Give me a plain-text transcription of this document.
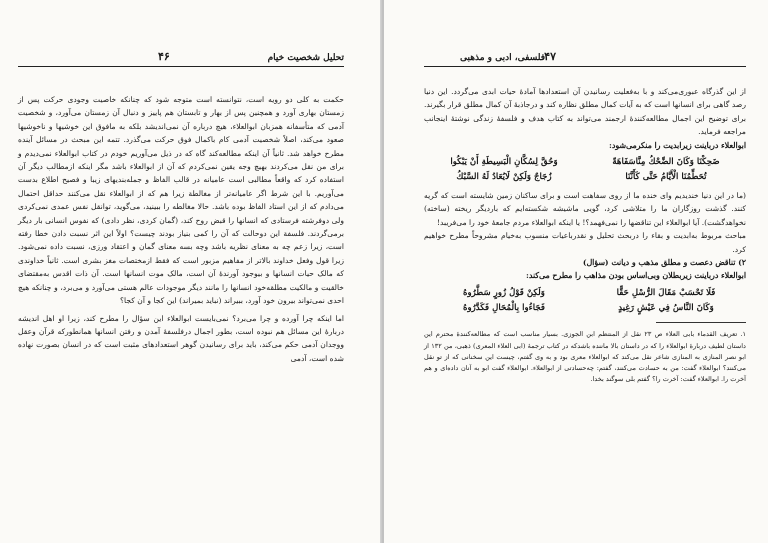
۴۶	تحلیل شخصیت خیام

حکمت به کلی دو رویه است، نتوانسته است متوجه شود که چنانکه خاصیت وجودی حرکت پس از زمستان بهاری آورد و همچنین پس از بهار و تابستان هم پاییز و دنبال آن زمستان می‌آورد، و شخصیت آدمی که متأسفانه همزبان ابوالعلاء، هیچ درباره آن نمی‌اندیشد بلکه به مافوق این خوشیها و ناخوشیها صعود می‌کند، اصلاً شخصیت آدمی کام باکمال فوق حرکت می‌گذرد. تتمه این مبحث در مسائل آینده مطرح خواهد شد. ثانیاً آن اینکه مطالعه‌کند گاه که در ذیل می‌آوریم خودم در کتاب ابوالعلاء نمی‌دیدم و برای من نقل می‌کردند بهیچ وجه یقین نمی‌کردم که آن از ابوالعلاء باشد مگر اینکه ازمطالب دیگر آن استفاده کرد که واقعاً مطالبی است عامیانه در قالب الفاظ و جمله‌بندیهای زیبا و فصیح اطلاع بدست می‌آوریم. با این شرط اگر عامیانه‌تر از مغالطة زیرا هم که از ابوالعلاء نقل می‌کنند حداقل احتمال می‌دادم که از این استاد الفاظ بوده باشد. حالا مغالطه را ببینید، می‌گوید، توانقل نفس عمدی نمی‌کردی ولی دوفرشته فرستادی که انسانها را قبض روح کند، (گمان کردی، نظر دادی) که نفوس انسانی بار دیگر برمی‌گردند. فلسفة این دوحالت که آن را کمی بنیاز بودند چیست؟ اولاً این اثر نسبت دادن خطا رفته است، زیرا زعم چه به معنای نظریه باشد وچه بسه معنای گمان و اعتقاد ورزی، نسبت داده نمی‌شود. زیرا قول وفعل خداوند بالاتر از مفاهیم مزبور است که فقط ازمختصات مغز بشری است. ثانیاً خداوندی که مالک حیات انسانها و بیوجود آورندۀ آن است، مالک موت انسانها است. آن ذات اقدس به‌مقتضای خالقیت و مالکیت مطلقه‌خود انسانها را مانند دیگر موجودات عالم هستی می‌آورد و می‌برد، و چنانکه هیچ احدی نمی‌تواند بیرون خود آورد، ببیراند (نباید بمیراند) این کجا و آن کجا؟

اما اینکه چرا آورده و چرا می‌برد؟ نمی‌بایست ابوالعلاء این سؤال را مطرح کند، زیرا او اهل اندیشه دربارۀ این مسائل هم نبوده است، بطور اجمال درفلسفۀ آمدن و رفتن انسانها همانطورکه قرآن وعقل ووجدان آدمی حکم می‌کند، باید برای رسانیدن گوهر استعدادهای مثبت است که در انسان بصورت نهاده شده است، آدمی

فلسفی، ادبی و مذهبی ۴۷

از این گذرگاه عبوری‌می‌کند و با به‌فعلیت رسانیدن آن استعدادها آمادۀ حیات ابدی می‌گردد. این دنیا رصد گاهی برای انسانها است که به آیات کمال مطلق نظاره کند و درجاذبۀ آن کمال مطلق قرار بگیرند. برای توضیح این اجمال مطالعه‌کنندۀ ارجمند می‌تواند به کتاب هدف و فلسفۀ زندگی نوشتۀ اینجانب مراجعه فرماید.

ابوالعلاء درباینت زیرابدیت را منکرمی‌شود:

ضَحِكْنَا وَكَانَ الضِّحْكُ مِنَّاسَفَاهَةً
وَحُقَّ لِسُكَّانِ الْبَسِيطَةِ أَنْ يَبْكُوا
تُحَطِّمُنَا الْأَيَّامُ حَتَّى كَأَنَّنَا
زُجَاجٌ وَلَكِنْ لَايُعَادُ لَهُ السَّبْكُ

(ما در این دنیا خندیدیم وای خنده ما از روی سفاهت است و برای ساکنان زمین شایسته است که گریه کنند. گذشت روزگاران ما را متلاشی کرد، گویی ماشیشه شکسته‌ایم که باردیگر ریخته (ساخته) نخواهدگشت). آیا ابوالعلاء این تناقضها را نمی‌فهمد؟! یا اینکه ابوالعلاء مردم جامعۀ خود را می‌فریبد!

مباحث مربوط به‌ابدیت و بقاء را دربحث تحلیل و نقدرباعیات منسوب به‌خیام مشروحاً مطرح خواهیم کرد.

۲) تناقض دعصت و مطلق مذهب و دیانت (سؤال)

ابوالعلاء درباینت زیربطلان وبی‌اساس بودن مذاهب را مطرح می‌کند:

فَلَا تَحْسَبْ مَقَالَ الرُّسْلِ حَقًّا
وَلَكِنْ قَوْلُ زُورٍ سَطَّرُوهُ
وَكَانَ النَّاسُ فِي عَيْشٍ رَغِيدٍ
فَجَاءُوا بِالْمُحَالِ فَكَدَّرُوهُ

۱. تعریف القدماء بابی العلاء ص ۲۳ نقل از المنتظم ابن الجوزی. بسیار مناسب است که مطالعه‌کنندۀ محترم این داستان لطیف دربارۀ ابوالعلاء را که در داستان بالا ماننده باشدکه در کتاب ترجمۀ (ابی العلاء المعری) ذهبی، من ۱۳۲ از ابو نصر المنازی به المنازی شاعر نقل می‌کند که ابوالعلاء معری بود و به وی گفتم، چیست این سخنانی که از تو نقل می‌کنند؟ ابوالعلاء گفت: من به حسادت می‌کنند، گفتم: چه‌حسادتی از ابوالعلاء. ابوالعلاء گفت ابو به آنان داده‌ای و هم آخرت را. ابوالعلاء گفت: آخرت را؟ گفتم بلی سوگند بخدا.
